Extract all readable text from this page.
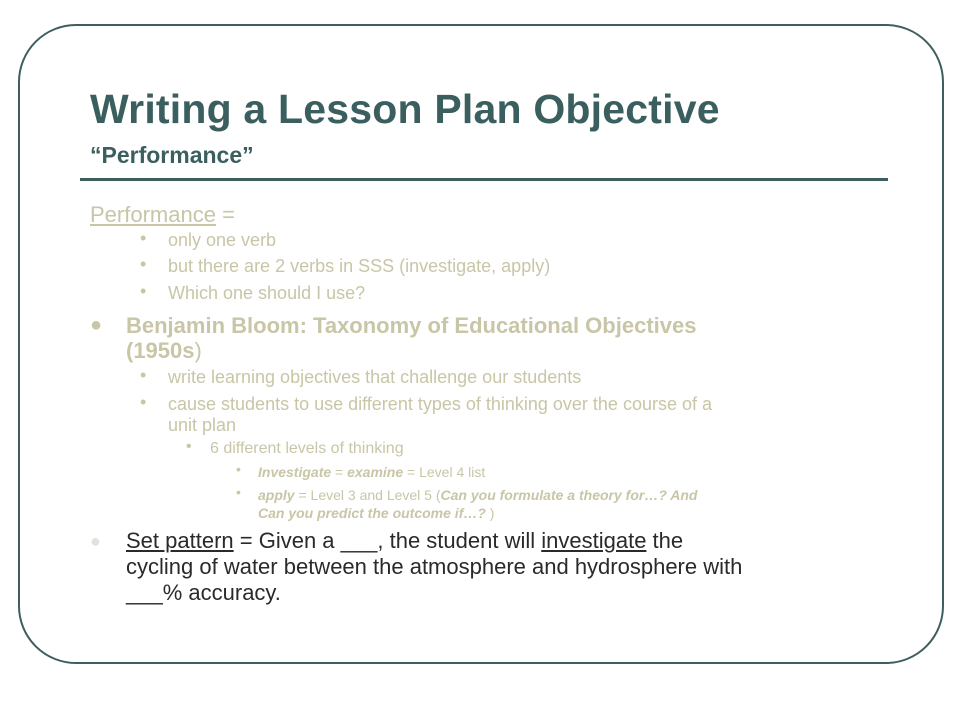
Writing a Lesson Plan Objective
“Performance”
Performance =
• only one verb
• but there are 2 verbs in SSS (investigate, apply)
• Which one should I use?
● Benjamin Bloom: Taxonomy of Educational Objectives
(1950s)
• write learning objectives that challenge our students
• cause students to use different types of thinking over the course of a
unit plan
• 6 different levels of thinking
• Investigate = examine = Level 4 list
• apply = Level 3 and Level 5 (Can you formulate a theory for…? And
Can you predict the outcome if…? )
● Set pattern = Given a ___, the student will investigate the
cycling of water between the atmosphere and hydrosphere with
___% accuracy.
